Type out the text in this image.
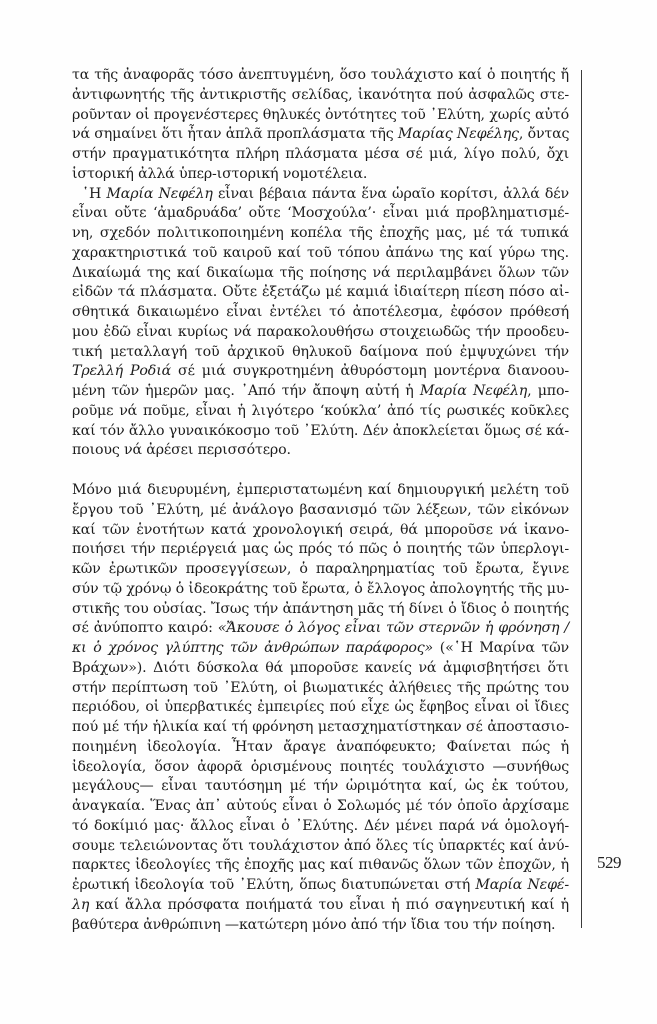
τα τῆς ἀναφορᾶς τόσο ἀνεπτυγμένη, ὅσο τουλάχιστο καί ὁ ποιητής ἤ
ἀντιφωνητής τῆς ἀντικριστῆς σελίδας, ἱκανότητα πού ἀσφαλῶς στε-
ροῦνταν οἱ προγενέστερες θηλυκές ὀντότητες τοῦ ᾿Ελύτη, χωρίς αὐτό
νά σημαίνει ὅτι ἦταν ἁπλᾶ προπλάσματα τῆς Μαρίας Νεφέλης, ὄντας
στήν πραγματικότητα πλήρη πλάσματα μέσα σέ μιά, λίγο πολύ, ὄχι
ἱστορική ἀλλά ὑπερ-ιστορική νομοτέλεια.
῾Η Μαρία Νεφέλη εἶναι βέβαια πάντα ἕνα ὡραῖο κορίτσι, ἀλλά δέν
εἶναι οὔτε ‘ἀμαδρυάδα’ οὔτε ‘Μοσχούλα’· εἶναι μιά προβληματισμέ-
νη, σχεδόν πολιτικοποιημένη κοπέλα τῆς ἐποχῆς μας, μέ τά τυπικά
χαρακτηριστικά τοῦ καιροῦ καί τοῦ τόπου ἀπάνω της καί γύρω της.
Δικαίωμά της καί δικαίωμα τῆς ποίησης νά περιλαμβάνει ὅλων τῶν
εἰδῶν τά πλάσματα. Οὔτε ἐξετάζω μέ καμιά ἰδιαίτερη πίεση πόσο αἰ-
σθητικά δικαιωμένο εἶναι ἐντέλει τό ἀποτέλεσμα, ἐφόσον πρόθεσή
μου ἐδῶ εἶναι κυρίως νά παρακολουθήσω στοιχειωδῶς τήν προοδευ-
τική μεταλλαγή τοῦ ἀρχικοῦ θηλυκοῦ δαίμονα πού ἐμψυχώνει τήν
Τρελλή Ροδιά σέ μιά συγκροτημένη ἀθυρόστομη μοντέρνα διανοου-
μένη τῶν ἡμερῶν μας. ᾿Από τήν ἄποψη αὐτή ἡ Μαρία Νεφέλη, μπο-
ροῦμε νά ποῦμε, εἶναι ἡ λιγότερο ‘κούκλα’ ἀπό τίς ρωσικές κοῦκλες
καί τόν ἄλλο γυναικόκοσμο τοῦ ᾿Ελύτη. Δέν ἀποκλείεται ὅμως σέ κά-
ποιους νά ἀρέσει περισσότερο.
Μόνο μιά διευρυμένη, ἐμπεριστατωμένη καί δημιουργική μελέτη τοῦ
ἔργου τοῦ ᾿Ελύτη, μέ ἀνάλογο βασανισμό τῶν λέξεων, τῶν εἰκόνων
καί τῶν ἑνοτήτων κατά χρονολογική σειρά, θά μποροῦσε νά ἱκανο-
ποιήσει τήν περιέργειά μας ὡς πρός τό πῶς ὁ ποιητής τῶν ὑπερλογι-
κῶν ἐρωτικῶν προσεγγίσεων, ὁ παραληρηματίας τοῦ ἔρωτα, ἔγινε
σύν τῷ χρόνῳ ὁ ἰδεοκράτης τοῦ ἔρωτα, ὁ ἔλλογος ἀπολογητής τῆς μυ-
στικῆς του οὐσίας. Ἴσως τήν ἀπάντηση μᾶς τή δίνει ὁ ἴδιος ὁ ποιητής
σέ ἀνύποπτο καιρό: «Ἄκουσε ὁ λόγος εἶναι τῶν στερνῶν ἡ φρόνηση /
κι ὁ χρόνος γλύπτης τῶν ἀνθρώπων παράφορος» («῾Η Μαρίνα τῶν
Βράχων»). Διότι δύσκολα θά μποροῦσε κανείς νά ἀμφισβητήσει ὅτι
στήν περίπτωση τοῦ ᾿Ελύτη, οἱ βιωματικές ἀλήθειες τῆς πρώτης του
περιόδου, οἱ ὑπερβατικές ἐμπειρίες πού εἶχε ὡς ἔφηβος εἶναι οἱ ἴδιες
πού μέ τήν ἡλικία καί τή φρόνηση μετασχηματίστηκαν σέ ἀποστασιο-
ποιημένη ἰδεολογία. Ἦταν ἄραγε ἀναπόφευκτο; Φαίνεται πώς ἡ
ἰδεολογία, ὅσον ἀφορᾶ ὁρισμένους ποιητές τουλάχιστο —συνήθως
μεγάλους— εἶναι ταυτόσημη μέ τήν ὡριμότητα καί, ὡς ἐκ τούτου,
ἀναγκαία. Ἕνας ἀπ᾿ αὐτούς εἶναι ὁ Σολωμός μέ τόν ὁποῖο ἀρχίσαμε
τό δοκίμιό μας· ἄλλος εἶναι ὁ ᾿Ελύτης. Δέν μένει παρά νά ὁμολογή-
σουμε τελειώνοντας ὅτι τουλάχιστον ἀπό ὅλες τίς ὑπαρκτές καί ἀνύ-
παρκτες ἰδεολογίες τῆς ἐποχῆς μας καί πιθανῶς ὅλων τῶν ἐποχῶν, ἡ
ἐρωτική ἰδεολογία τοῦ ᾿Ελύτη, ὅπως διατυπώνεται στή Μαρία Νεφέ-
λη καί ἄλλα πρόσφατα ποιήματά του εἶναι ἡ πιό σαγηνευτική καί ἡ
βαθύτερα ἀνθρώπινη —κατώτερη μόνο ἀπό τήν ἴδια του τήν ποίηση.
529
